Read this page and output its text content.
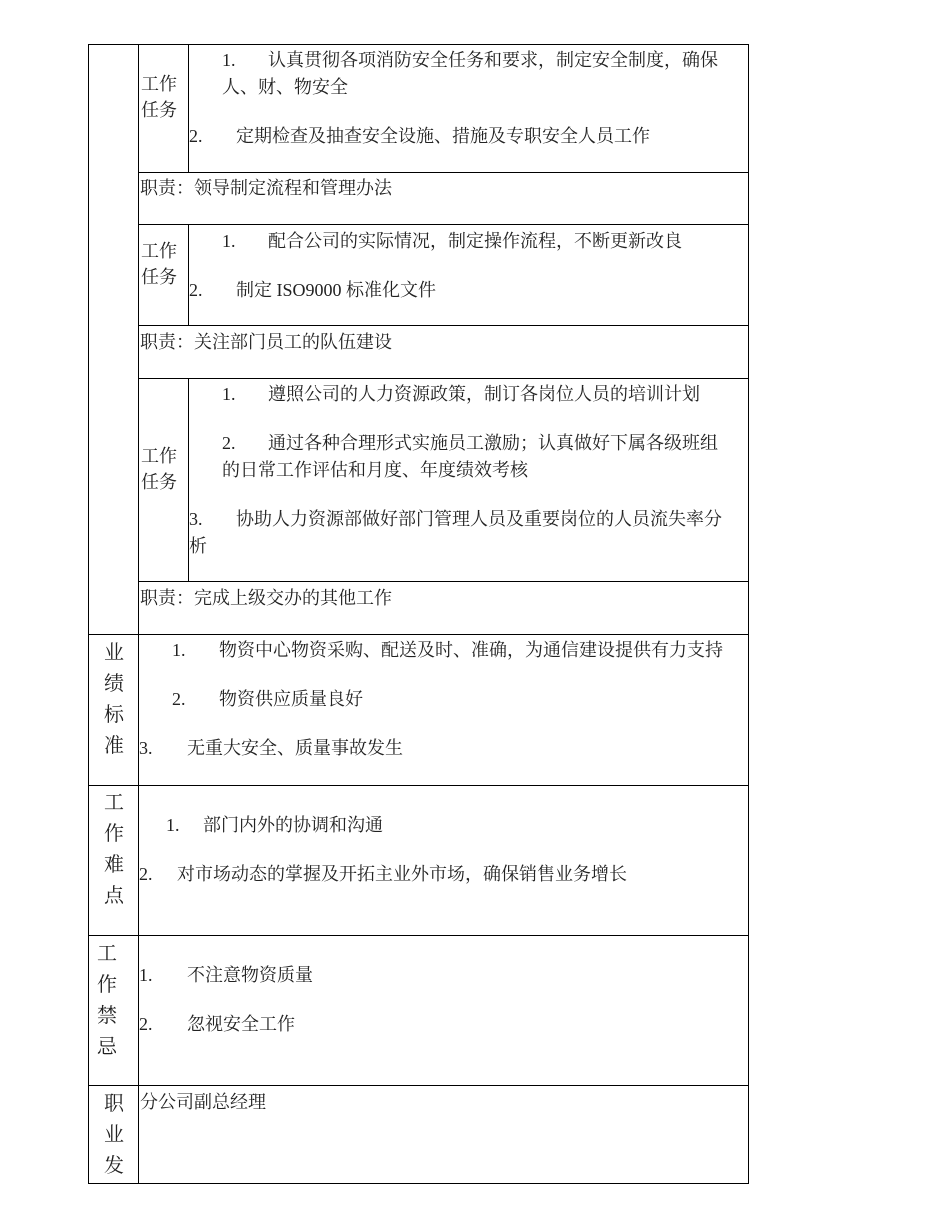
工作
任务
1. 认真贯彻各项消防安全任务和要求，制定安全制度，确保
人、财、物安全
2. 定期检查及抽查安全设施、措施及专职安全人员工作
职责：领导制定流程和管理办法
工作
任务
1. 配合公司的实际情况，制定操作流程，不断更新改良
2. 制定 ISO9000 标准化文件
职责：关注部门员工的队伍建设
工作
任务
1. 遵照公司的人力资源政策，制订各岗位人员的培训计划
2. 通过各种合理形式实施员工激励；认真做好下属各级班组
的日常工作评估和月度、年度绩效考核
3. 协助人力资源部做好部门管理人员及重要岗位的人员流失率分
析
职责：完成上级交办的其他工作
业
绩
标
准
1. 物资中心物资采购、配送及时、准确，为通信建设提供有力支持
2. 物资供应质量良好
3. 无重大安全、质量事故发生
工
作
难
点
1. 部门内外的协调和沟通
2. 对市场动态的掌握及开拓主业外市场，确保销售业务增长
工
作
禁
忌
1. 不注意物资质量
2. 忽视安全工作
职
业
发
分公司副总经理
